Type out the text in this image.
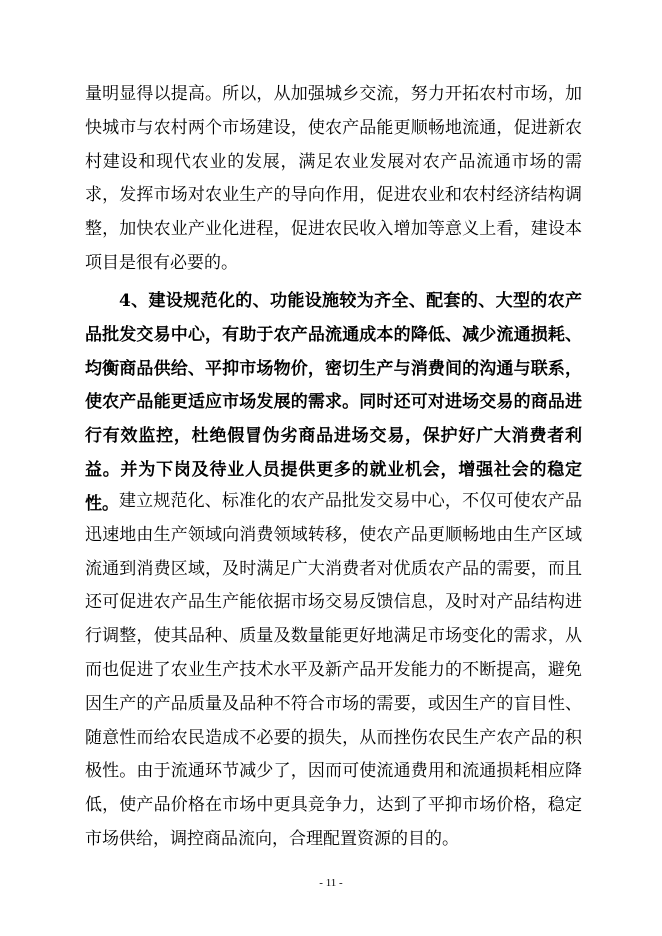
量明显得以提高。所以，从加强城乡交流，努力开拓农村市场，加快城市与农村两个市场建设，使农产品能更顺畅地流通，促进新农村建设和现代农业的发展，满足农业发展对农产品流通市场的需求，发挥市场对农业生产的导向作用，促进农业和农村经济结构调整，加快农业产业化进程，促进农民收入增加等意义上看，建设本项目是很有必要的。

4、建设规范化的、功能设施较为齐全、配套的、大型的农产品批发交易中心，有助于农产品流通成本的降低、减少流通损耗、均衡商品供给、平抑市场物价，密切生产与消费间的沟通与联系，使农产品能更适应市场发展的需求。同时还可对进场交易的商品进行有效监控，杜绝假冒伪劣商品进场交易，保护好广大消费者利益。并为下岗及待业人员提供更多的就业机会，增强社会的稳定性。 建立规范化、标准化的农产品批发交易中心，不仅可使农产品迅速地由生产领域向消费领域转移，使农产品更顺畅地由生产区域流通到消费区域，及时满足广大消费者对优质农产品的需要，而且还可促进农产品生产能依据市场交易反馈信息，及时对产品结构进行调整，使其品种、质量及数量能更好地满足市场变化的需求，从而也促进了农业生产技术水平及新产品开发能力的不断提高，避免因生产的产品质量及品种不符合市场的需要，或因生产的盲目性、随意性而给农民造成不必要的损失，从而挫伤农民生产农产品的积极性。由于流通环节减少了，因而可使流通费用和流通损耗相应降低，使产品价格在市场中更具竞争力，达到了平抑市场价格，稳定市场供给，调控商品流向，合理配置资源的目的。

- 11 -
